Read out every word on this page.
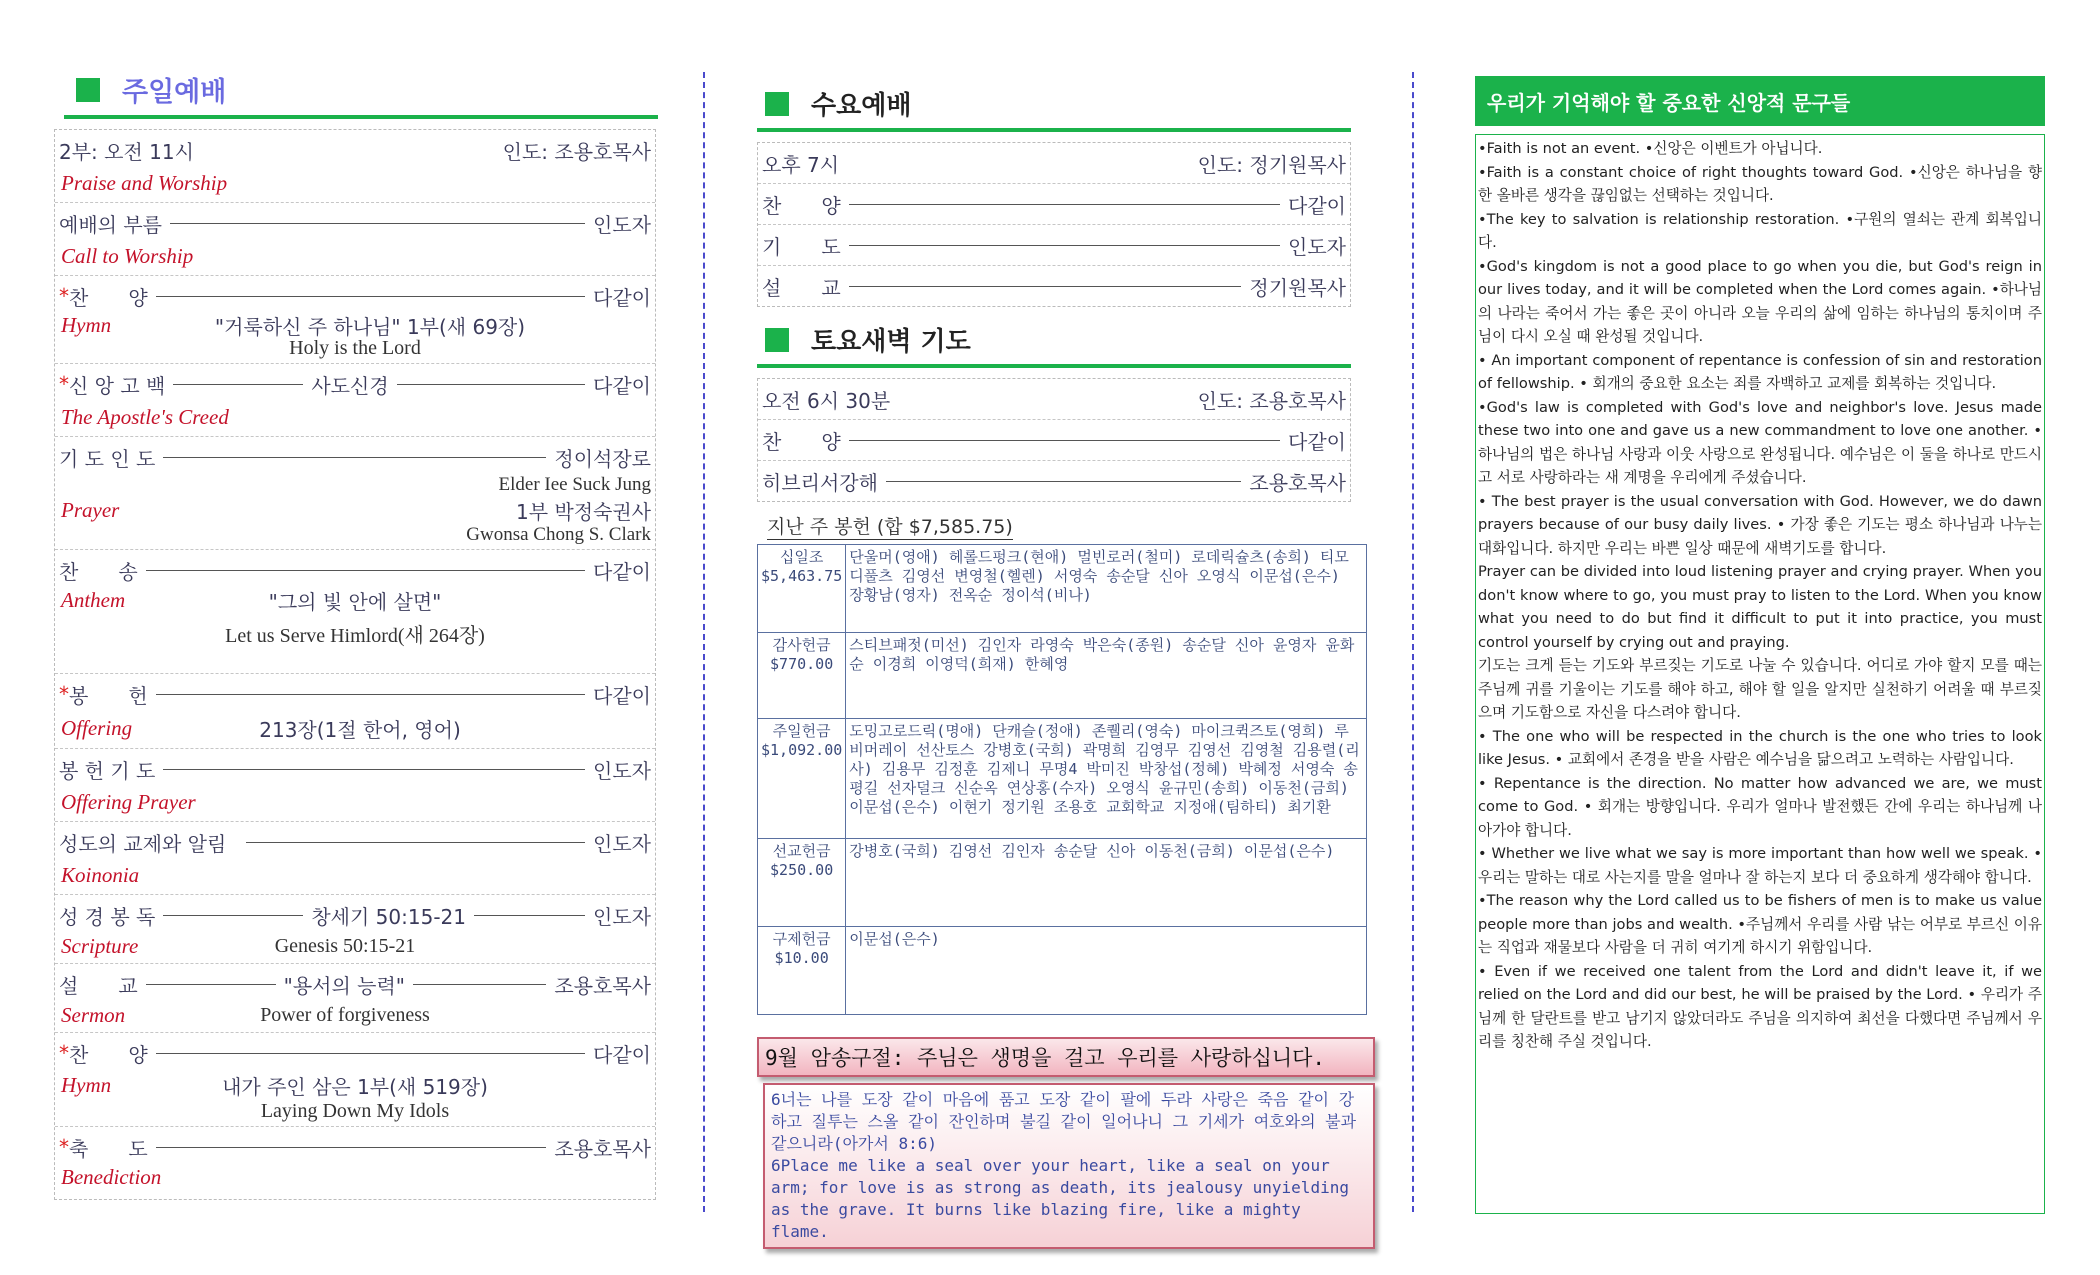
주일예배
2부: 오전 11시	인도: 조용호목사
Praise and Worship
예배의 부름	인도자
Call to Worship
* 찬　　양	다같이
Hymn	"거룩하신 주 하나님" 1부(새 69장)
Holy is the Lord
* 신 앙 고 백	사도신경	다같이
The Apostle's Creed
기 도 인 도	정이석장로
Elder Iee Suck Jung
Prayer	1부 박정숙권사
Gwonsa Chong S. Clark
찬　　송	다같이
Anthem	"그의 빛 안에 살면"
Let us Serve Himlord(새 264장)
* 봉　　헌	다같이
Offering	213장(1절 한어, 영어)
봉 헌 기 도	인도자
Offering Prayer
성도의 교제와 알림	인도자
Koinonia
성 경 봉 독	창세기 50:15-21	인도자
Scripture	Genesis 50:15-21
설　　교	"용서의 능력"	조용호목사
Sermon	Power of forgiveness
* 찬　　양	다같이
Hymn	내가 주인 삼은 1부(새 519장)
Laying Down My Idols
* 축　　도	조용호목사
Benediction
수요예배
오후 7시	인도: 정기원목사
찬　　양	다같이
기　　도	인도자
설　　교	정기원목사
토요새벽 기도
오전 6시 30분	인도: 조용호목사
찬　　양	다같이
히브리서강해	조용호목사
지난 주 봉헌 (합 $7,585.75)
십일조
$5,463.75	단울머(영애) 헤롤드펑크(현애) 멀빈로러(철미) 로데릭슐츠(송희) 티모디풀츠 김영선 변영철(헬렌) 서영숙 송순달 신아 오영식 이문섭(은수) 장황남(영자) 전옥순 정이석(비나)

감사헌금
$770.00	스티브패젓(미선) 김인자 라영숙 박은숙(종원) 송순달 신아 윤영자 윤화순 이경희 이영덕(희재) 한혜영

주일헌금
$1,092.00	도밍고로드릭(명애) 단캐슬(정애) 존퀠리(영숙) 마이크퀵즈토(영희) 루비머레이 선산토스 강병호(국희) 곽명희 김영무 김영선 김영철 김용렬(리사) 김용무 김정훈 김제니 무명4 박미진 박창섭(정혜) 박혜정 서영숙 송평길 선자덜크 신순옥 연상홍(수자) 오영식 윤규민(송희) 이동천(금희) 이문섭(은수) 이현기 정기원 조용호 교회학교 지정애(팀하티) 최기환

선교헌금
$250.00	강병호(국희) 김영선 김인자 송순달 신아 이동천(금희) 이문섭(은수)

구제헌금
$10.00	이문섭(은수)
9월 암송구절: 주님은 생명을 걸고 우리를 사랑하십니다.
6너는 나를 도장 같이 마음에 품고 도장 같이 팔에 두라 사랑은 죽음 같이 강하고 질투는 스올 같이 잔인하며 불길 같이 일어나니 그 기세가 여호와의 불과 같으니라(아가서 8:6)
6Place me like a seal over your heart, like a seal on your arm; for love is as strong as death, its jealousy unyielding as the grave. It burns like blazing fire, like a mighty flame.
우리가 기억해야 할 중요한 신앙적 문구들
•Faith is not an event. •신앙은 이벤트가 아닙니다.
•Faith is a constant choice of right thoughts toward God. •신앙은 하나님을 향한 올바른 생각을 끊임없는 선택하는 것입니다.
•The key to salvation is relationship restoration. •구원의 열쇠는 관계 회복입니다.
•God's kingdom is not a good place to go when you die, but God's reign in our lives today, and it will be completed when the Lord comes again. •하나님의 나라는 죽어서 가는 좋은 곳이 아니라 오늘 우리의 삶에 임하는 하나님의 통치이며 주님이 다시 오실 때 완성될 것입니다.
• An important component of repentance is confession of sin and restoration of fellowship. • 회개의 중요한 요소는 죄를 자백하고 교제를 회복하는 것입니다.
•God's law is completed with God's love and neighbor's love. Jesus made these two into one and gave us a new commandment to love one another. • 하나님의 법은 하나님 사랑과 이웃 사랑으로 완성됩니다. 예수님은 이 둘을 하나로 만드시고 서로 사랑하라는 새 계명을 우리에게 주셨습니다.
• The best prayer is the usual conversation with God. However, we do dawn prayers because of our busy daily lives. • 가장 좋은 기도는 평소 하나님과 나누는 대화입니다. 하지만 우리는 바쁜 일상 때문에 새벽기도를 합니다.
Prayer can be divided into loud listening prayer and crying prayer. When you don't know where to go, you must pray to listen to the Lord. When you know what you need to do but find it difficult to put it into practice, you must control yourself by crying out and praying.
기도는 크게 듣는 기도와 부르짖는 기도로 나눌 수 있습니다. 어디로 가야 할지 모를 때는 주님께 귀를 기울이는 기도를 해야 하고, 해야 할 일을 알지만 실천하기 어려울 때 부르짖으며 기도함으로 자신을 다스려야 합니다.
• The one who will be respected in the church is the one who tries to look like Jesus. • 교회에서 존경을 받을 사람은 예수님을 닮으려고 노력하는 사람입니다.
• Repentance is the direction. No matter how advanced we are, we must come to God. • 회개는 방향입니다. 우리가 얼마나 발전했든 간에 우리는 하나님께 나아가야 합니다.
• Whether we live what we say is more important than how well we speak. • 우리는 말하는 대로 사는지를 말을 얼마나 잘 하는지 보다 더 중요하게 생각해야 합니다.
•The reason why the Lord called us to be fishers of men is to make us value people more than jobs and wealth. •주님께서 우리를 사람 낚는 어부로 부르신 이유는 직업과 재물보다 사람을 더 귀히 여기게 하시기 위함입니다.
• Even if we received one talent from the Lord and didn't leave it, if we relied on the Lord and did our best, he will be praised by the Lord. • 우리가 주님께 한 달란트를 받고 남기지 않았더라도 주님을 의지하여 최선을 다했다면 주님께서 우리를 칭찬해 주실 것입니다.
